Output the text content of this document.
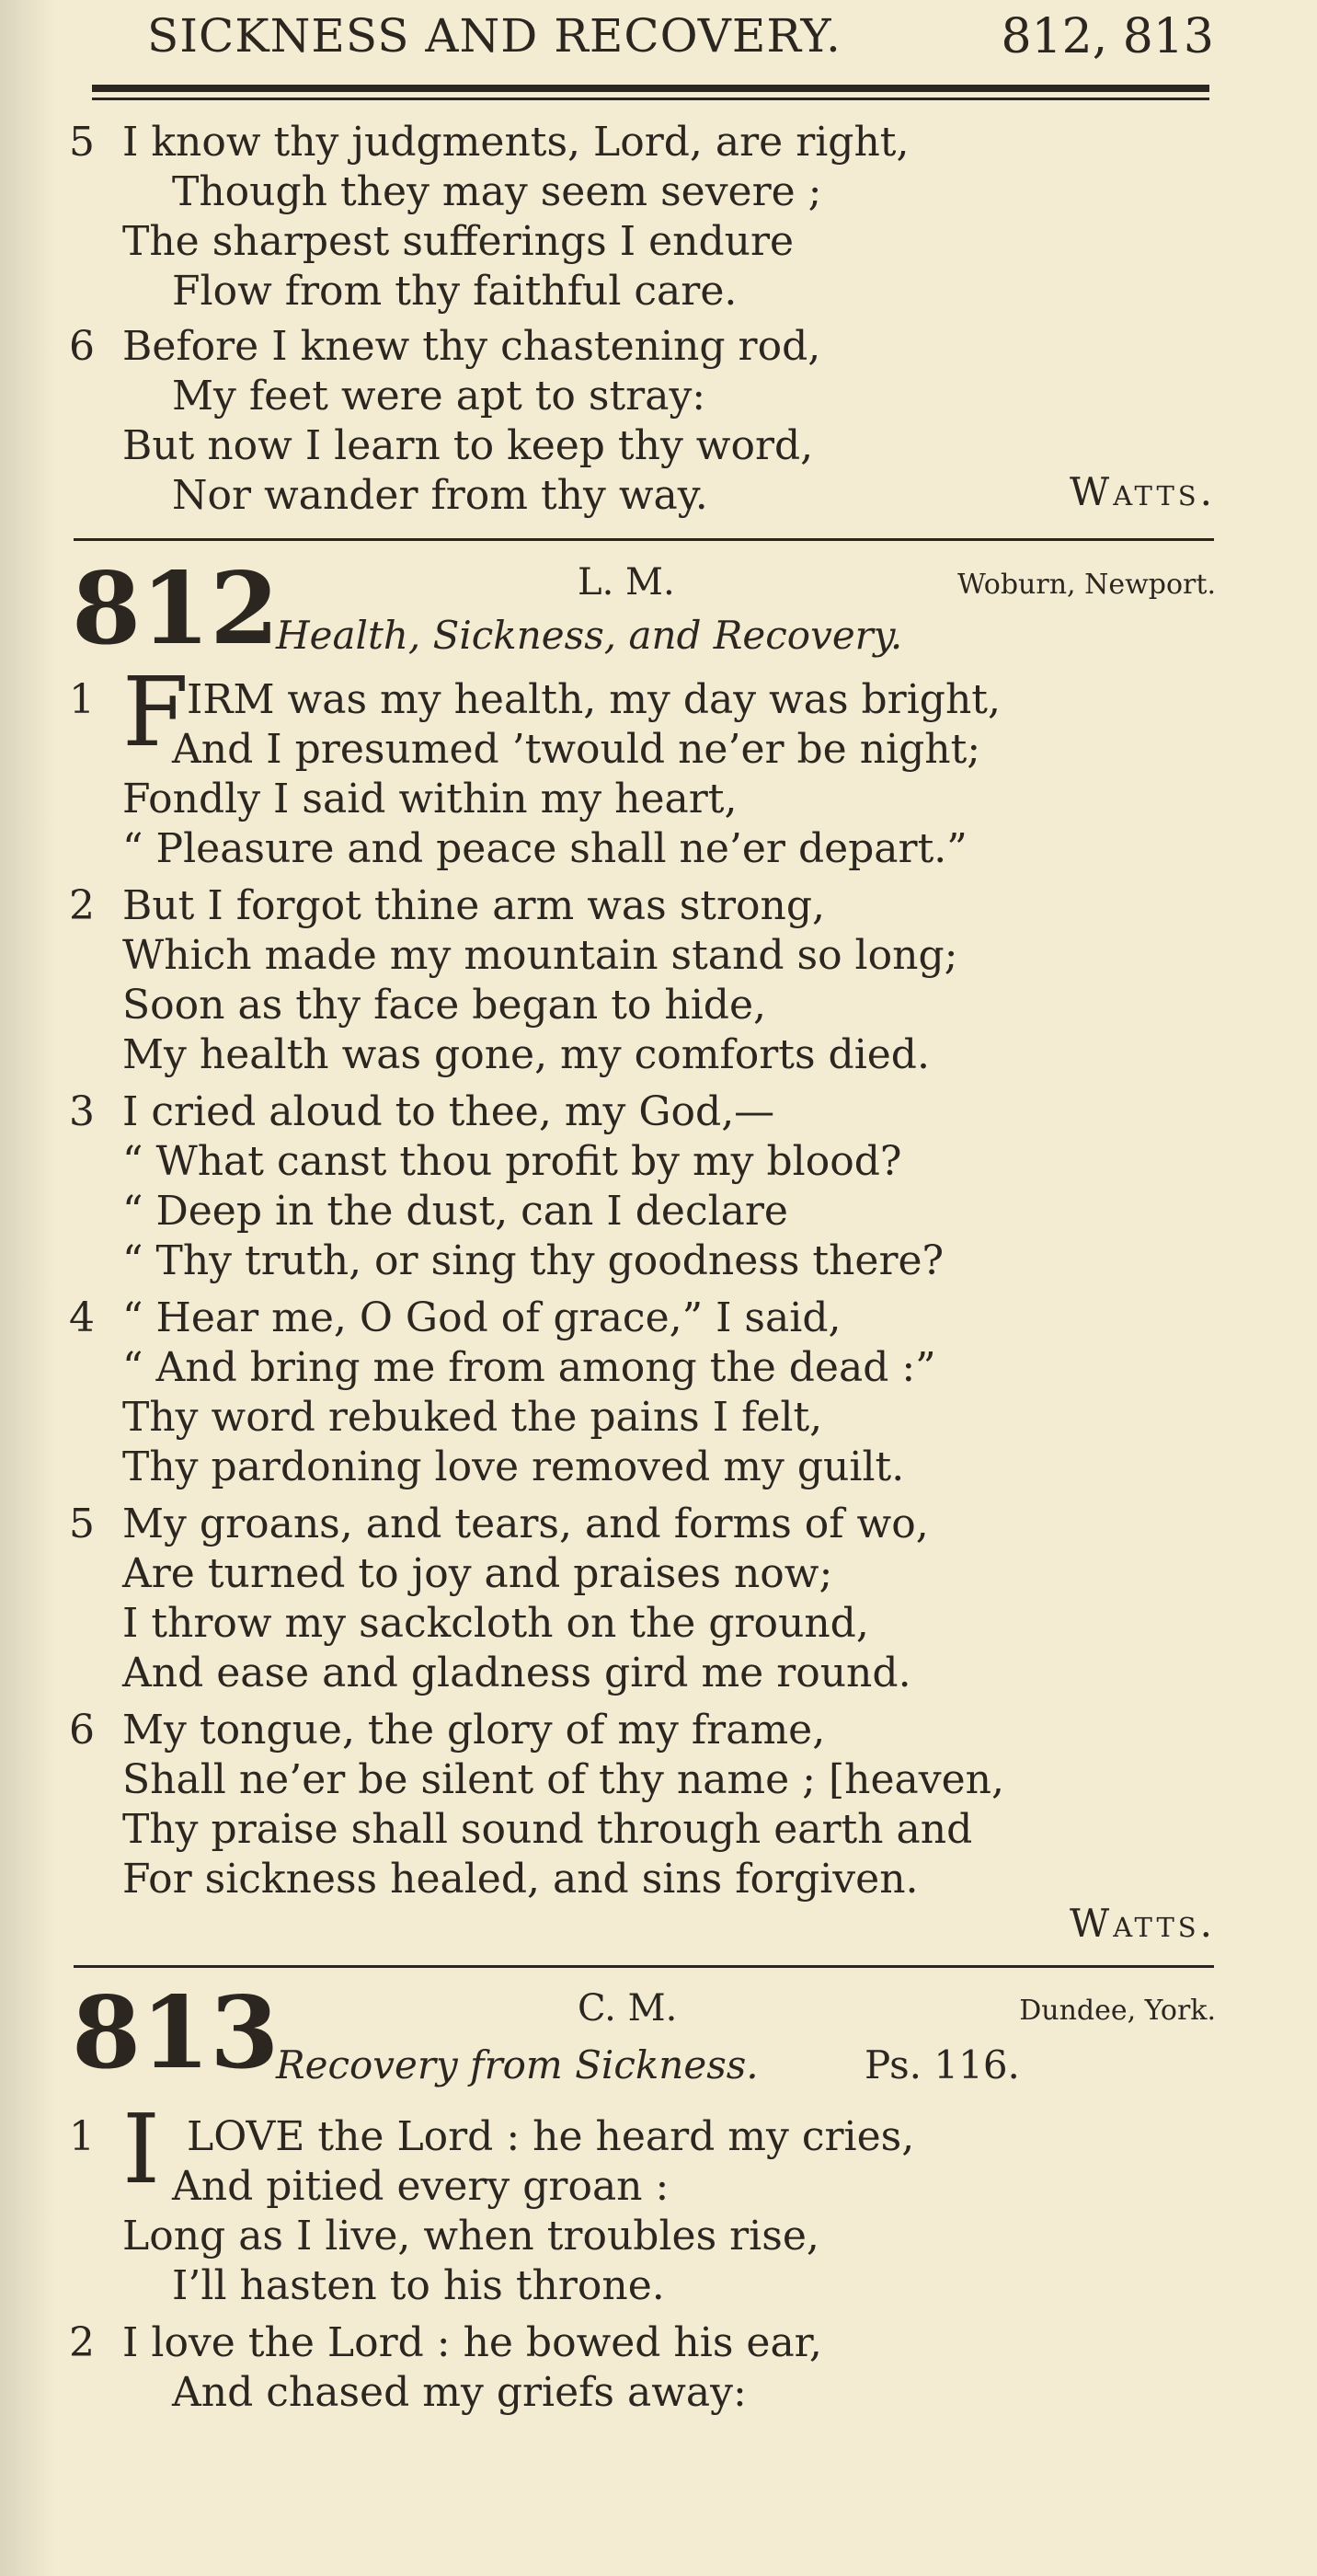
SICKNESS AND RECOVERY.	812, 813
5 I know thy judgments, Lord, are right,
Though they may seem severe ;
The sharpest sufferings I endure
Flow from thy faithful care.
6 Before I knew thy chastening rod,
My feet were apt to stray:
But now I learn to keep thy word,
Nor wander from thy way.	Watts.
812	L. M.	Woburn, Newport.
Health, Sickness, and Recovery.
1 F
IRM was my health, my day was bright,
And I presumed ’twould ne’er be night;
Fondly I said within my heart,
“ Pleasure and peace shall ne’er depart.”
2 But I forgot thine arm was strong,
Which made my mountain stand so long;
Soon as thy face began to hide,
My health was gone, my comforts died.
3 I cried aloud to thee, my God,—
“ What canst thou profit by my blood?
“ Deep in the dust, can I declare
“ Thy truth, or sing thy goodness there?
4 “ Hear me, O God of grace,” I said,
“ And bring me from among the dead :”
Thy word rebuked the pains I felt,
Thy pardoning love removed my guilt.
5 My groans, and tears, and forms of wo,
Are turned to joy and praises now;
I throw my sackcloth on the ground,
And ease and gladness gird me round.
6 My tongue, the glory of my frame,
Shall ne’er be silent of thy name ; [heaven,
Thy praise shall sound through earth and
For sickness healed, and sins forgiven.
Watts.
813	C. M.	Dundee, York.
Recovery from Sickness.	Ps. 116.
1 I LOVE the Lord : he heard my cries,
And pitied every groan :
Long as I live, when troubles rise,
I’ll hasten to his throne.
2 I love the Lord : he bowed his ear,
And chased my griefs away:
